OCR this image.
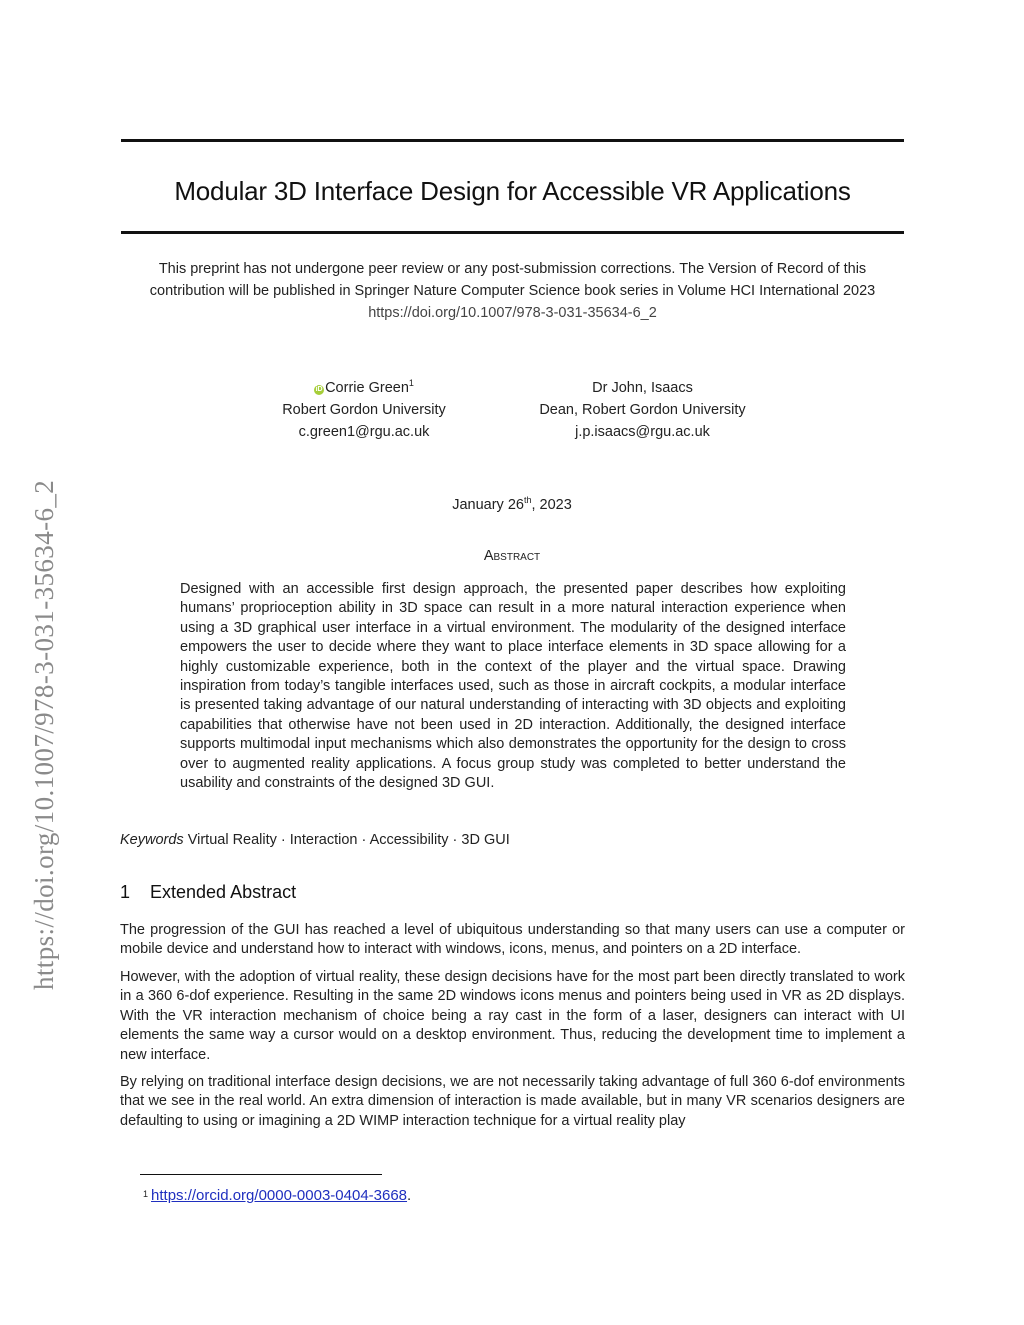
https://doi.org/10.1007/978-3-031-35634-6_2
Modular 3D Interface Design for Accessible VR Applications
This preprint has not undergone peer review or any post-submission corrections. The Version of Record of this
contribution will be published in Springer Nature Computer Science book series in Volume HCI International 2023
https://doi.org/10.1007/978-3-031-35634-6_2
iD Corrie Green$^1$
Robert Gordon University
c.green1@rgu.ac.uk
Dr John, Isaacs
Dean, Robert Gordon University
j.p.isaacs@rgu.ac.uk
January 26th, 2023
Abstract
Designed with an accessible first design approach, the presented paper describes how exploiting humans’ proprioception ability in 3D space can result in a more natural interaction experience when using a 3D graphical user interface in a virtual environment. The modularity of the designed interface empowers the user to decide where they want to place interface elements in 3D space allowing for a highly customizable experience, both in the context of the player and the virtual space. Drawing inspiration from today’s tangible interfaces used, such as those in aircraft cockpits, a modular interface is presented taking advantage of our natural understanding of interacting with 3D objects and exploiting capabilities that otherwise have not been used in 2D interaction. Additionally, the designed interface supports multimodal input mechanisms which also demonstrates the opportunity for the design to cross over to augmented reality applications. A focus group study was completed to better understand the usability and constraints of the designed 3D GUI.
Keywords Virtual Reality · Interaction · Accessibility · 3D GUI
1 Extended Abstract
The progression of the GUI has reached a level of ubiquitous understanding so that many users can use a computer or mobile device and understand how to interact with windows, icons, menus, and pointers on a 2D interface.
However, with the adoption of virtual reality, these design decisions have for the most part been directly translated to work in a 360 6-dof experience. Resulting in the same 2D windows icons menus and pointers being used in VR as 2D displays. With the VR interaction mechanism of choice being a ray cast in the form of a laser, designers can interact with UI elements the same way a cursor would on a desktop environment. Thus, reducing the development time to implement a new interface.
By relying on traditional interface design decisions, we are not necessarily taking advantage of full 360 6-dof environments that we see in the real world. An extra dimension of interaction is made available, but in many VR scenarios designers are defaulting to using or imagining a 2D WIMP interaction technique for a virtual reality play
$^1$ https://orcid.org/0000-0003-0404-3668.
